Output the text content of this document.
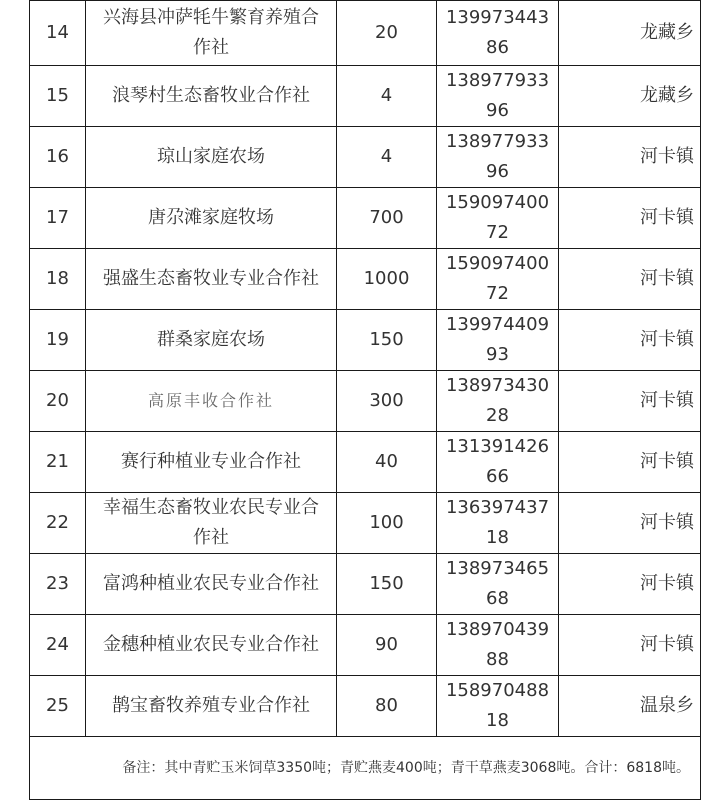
14	兴海县冲萨牦牛繁育养殖合作社	20	13997344386	龙藏乡
15	浪琴村生态畜牧业合作社	4	13897793396	龙藏乡
16	琼山家庭农场	4	13897793396	河卡镇
17	唐尕滩家庭牧场	700	15909740072	河卡镇
18	强盛生态畜牧业专业合作社	1000	15909740072	河卡镇
19	群桑家庭农场	150	13997440993	河卡镇
20	高原丰收合作社	300	13897343028	河卡镇
21	赛行种植业专业合作社	40	13139142666	河卡镇
22	幸福生态畜牧业农民专业合作社	100	13639743718	河卡镇
23	富鸿种植业农民专业合作社	150	13897346568	河卡镇
24	金穗种植业农民专业合作社	90	13897043988	河卡镇
25	鹊宝畜牧养殖专业合作社	80	15897048818	温泉乡
备注：其中青贮玉米饲草3350吨；青贮燕麦400吨；青干草燕麦3068吨。合计：6818吨。				
